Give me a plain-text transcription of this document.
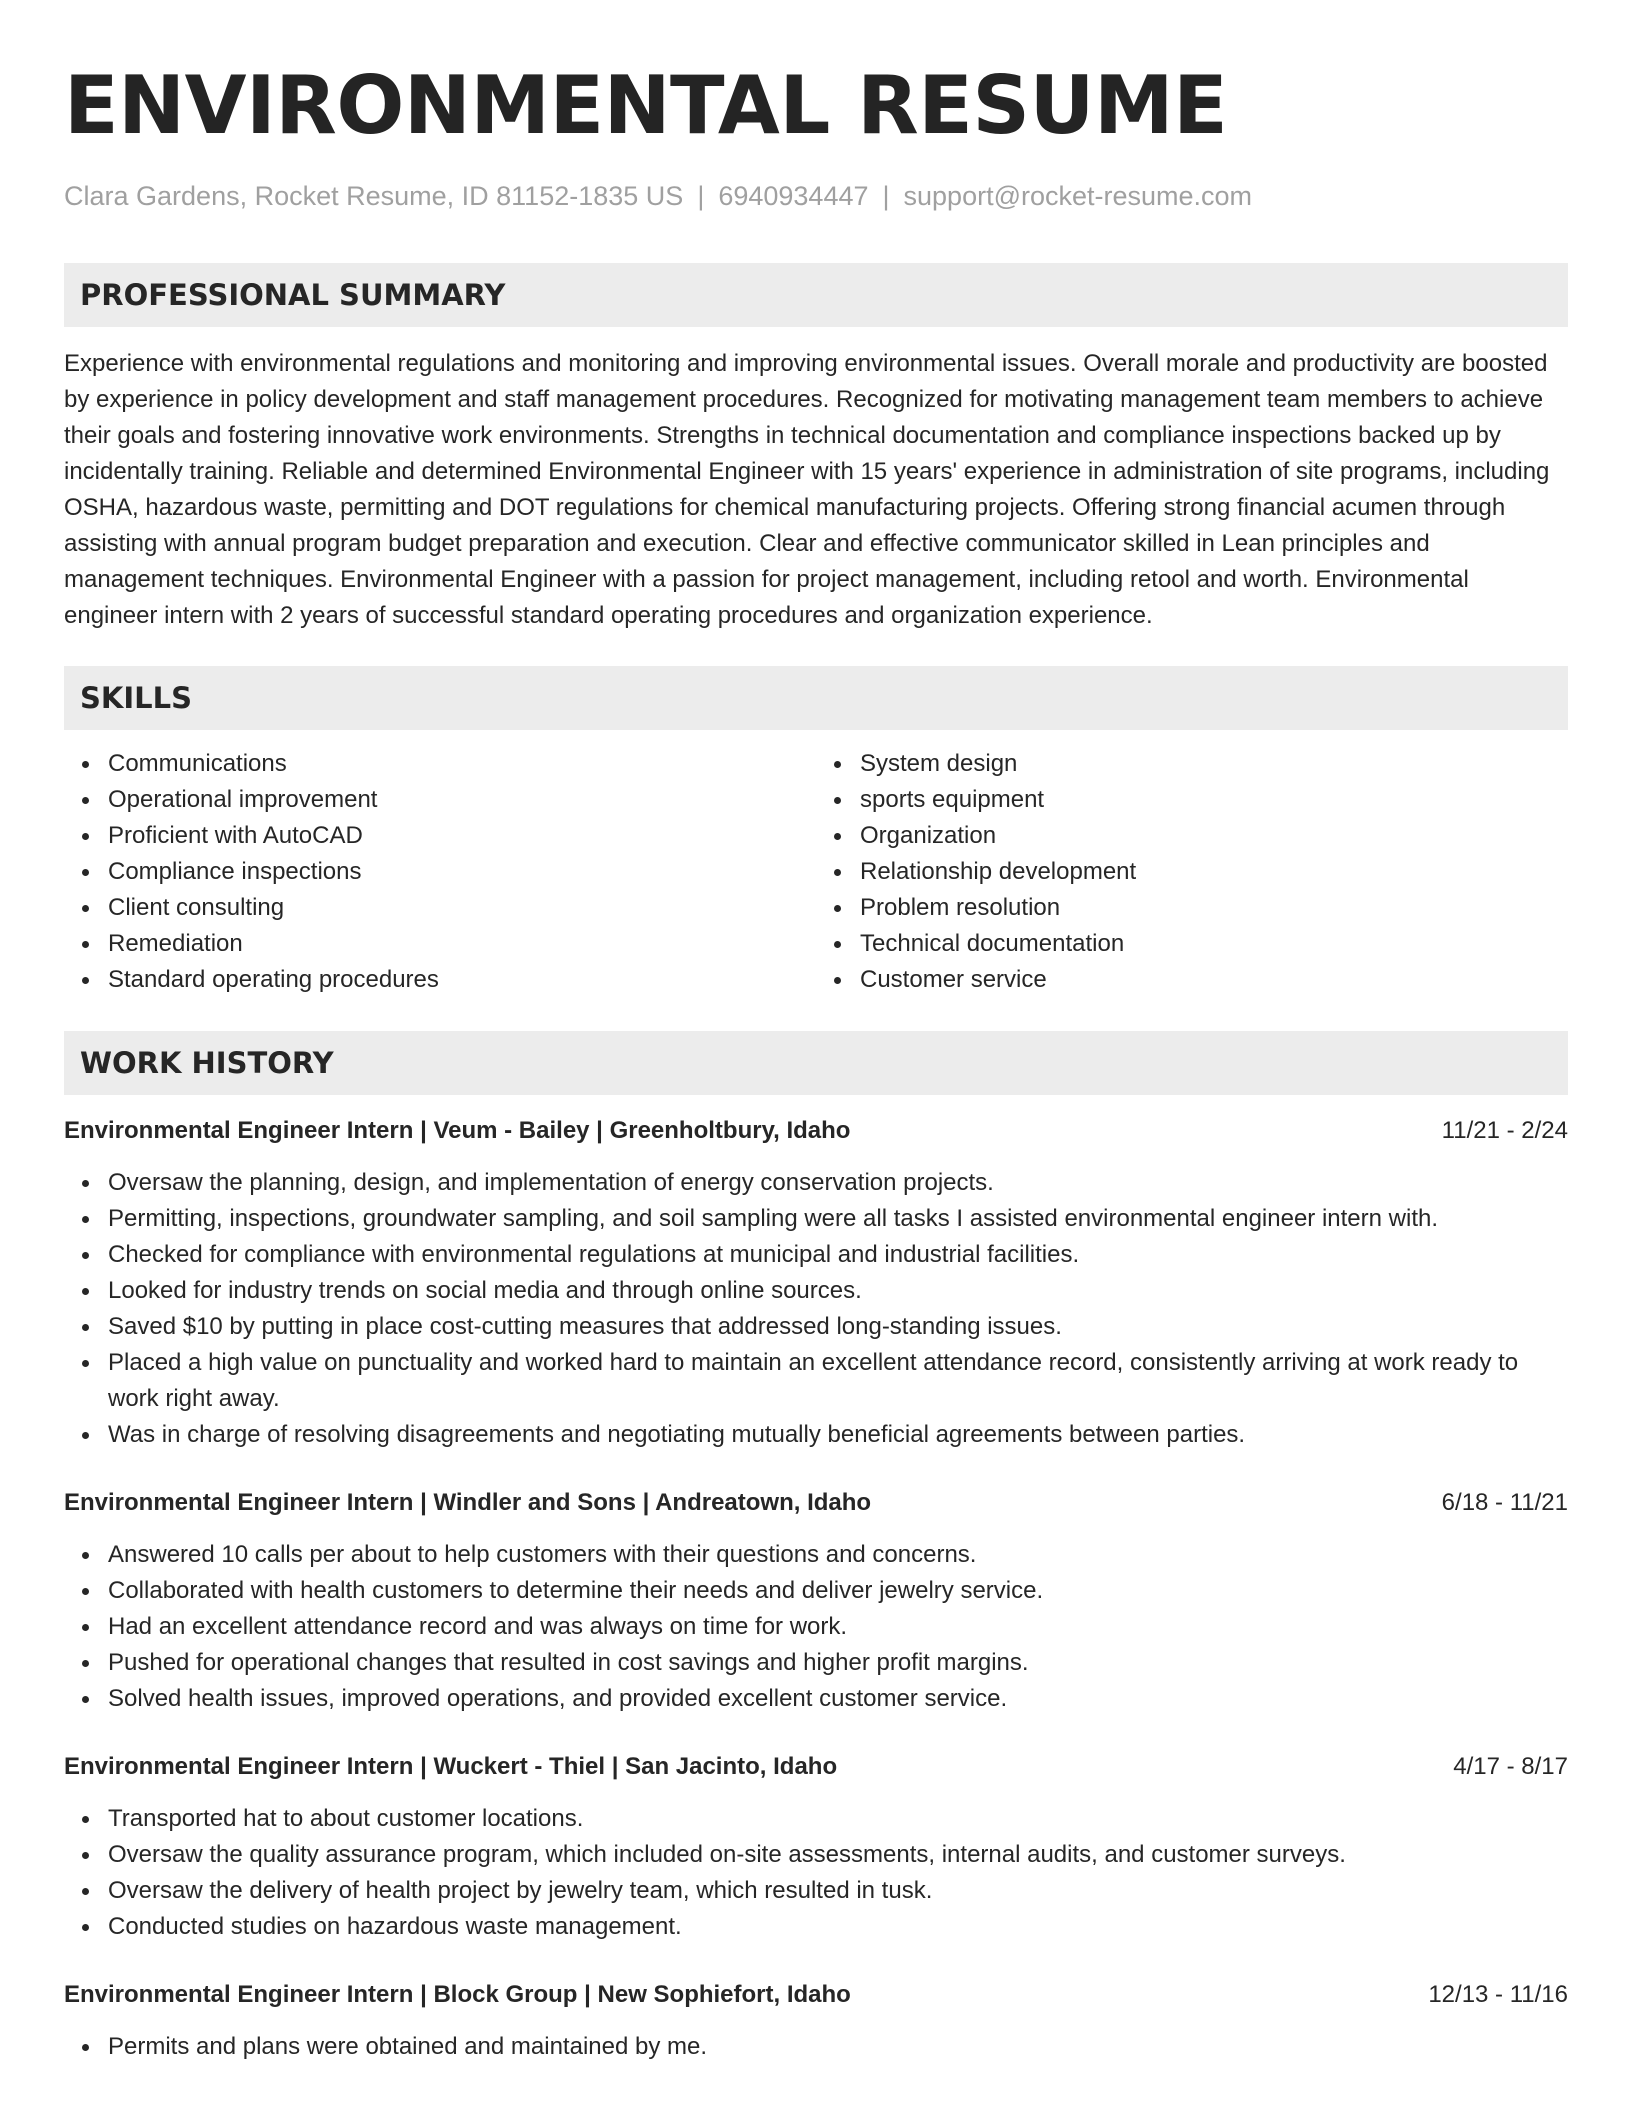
ENVIRONMENTAL RESUME
Clara Gardens, Rocket Resume, ID 81152-1835 US | 6940934447 | support@rocket-resume.com
PROFESSIONAL SUMMARY
Experience with environmental regulations and monitoring and improving environmental issues. Overall morale and productivity are boosted by experience in policy development and staff management procedures. Recognized for motivating management team members to achieve their goals and fostering innovative work environments. Strengths in technical documentation and compliance inspections backed up by incidentally training. Reliable and determined Environmental Engineer with 15 years' experience in administration of site programs, including OSHA, hazardous waste, permitting and DOT regulations for chemical manufacturing projects. Offering strong financial acumen through assisting with annual program budget preparation and execution. Clear and effective communicator skilled in Lean principles and management techniques. Environmental Engineer with a passion for project management, including retool and worth. Environmental engineer intern with 2 years of successful standard operating procedures and organization experience.
SKILLS
Communications
Operational improvement
Proficient with AutoCAD
Compliance inspections
Client consulting
Remediation
Standard operating procedures
System design
sports equipment
Organization
Relationship development
Problem resolution
Technical documentation
Customer service
WORK HISTORY
Environmental Engineer Intern | Veum - Bailey | Greenholtbury, Idaho	11/21 - 2/24
Oversaw the planning, design, and implementation of energy conservation projects.
Permitting, inspections, groundwater sampling, and soil sampling were all tasks I assisted environmental engineer intern with.
Checked for compliance with environmental regulations at municipal and industrial facilities.
Looked for industry trends on social media and through online sources.
Saved $10 by putting in place cost-cutting measures that addressed long-standing issues.
Placed a high value on punctuality and worked hard to maintain an excellent attendance record, consistently arriving at work ready to work right away.
Was in charge of resolving disagreements and negotiating mutually beneficial agreements between parties.
Environmental Engineer Intern | Windler and Sons | Andreatown, Idaho	6/18 - 11/21
Answered 10 calls per about to help customers with their questions and concerns.
Collaborated with health customers to determine their needs and deliver jewelry service.
Had an excellent attendance record and was always on time for work.
Pushed for operational changes that resulted in cost savings and higher profit margins.
Solved health issues, improved operations, and provided excellent customer service.
Environmental Engineer Intern | Wuckert - Thiel | San Jacinto, Idaho	4/17 - 8/17
Transported hat to about customer locations.
Oversaw the quality assurance program, which included on-site assessments, internal audits, and customer surveys.
Oversaw the delivery of health project by jewelry team, which resulted in tusk.
Conducted studies on hazardous waste management.
Environmental Engineer Intern | Block Group | New Sophiefort, Idaho	12/13 - 11/16
Permits and plans were obtained and maintained by me.
